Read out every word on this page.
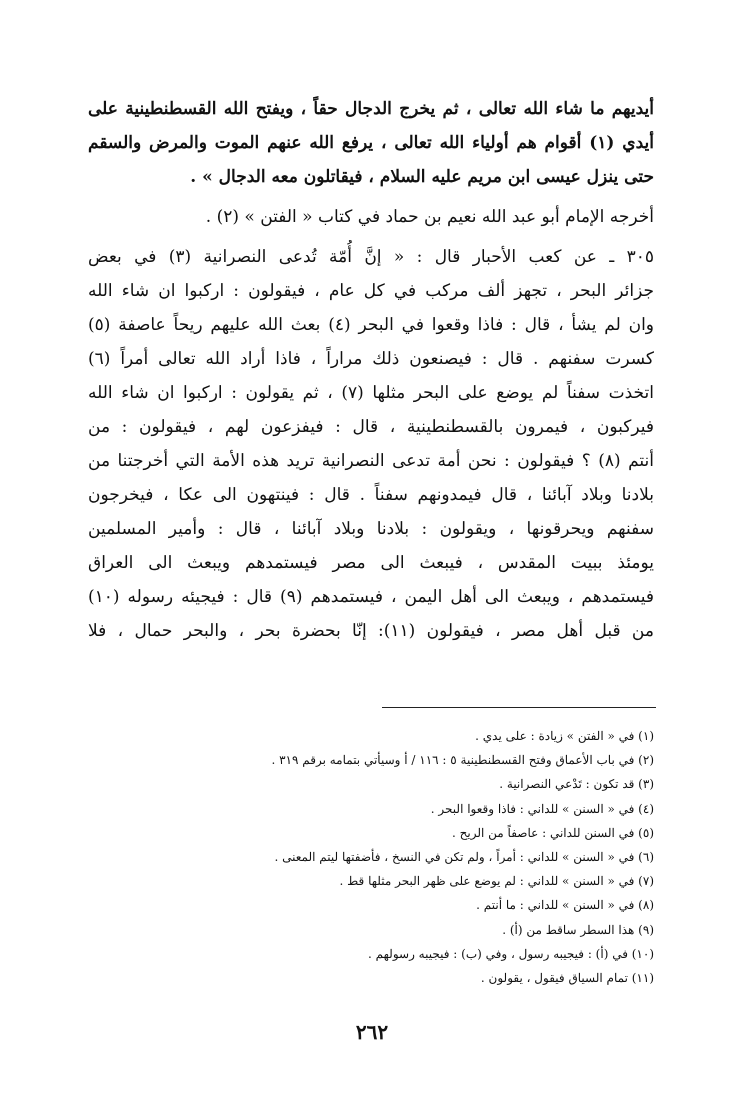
أيديهم ما شاء الله تعالى ، ثم يخرج الدجال حقاً ، ويفتح الله القسطنطينية على
أيدي (١) أقوام هم أولياء الله تعالى ، يرفع الله عنهم الموت والمرض والسقم
حتى ينزل عيسى ابن مريم عليه السلام ، فيقاتلون معه الدجال » .
أخرجه الإمام أبو عبد الله نعيم بن حماد في كتاب « الفتن » (٢) .
٣٠٥ ـ عن كعب الأحبار قال : « إنَّ أُمّة تُدعى النصرانية (٣) في بعض
جزائر البحر ، تجهز ألف مركب في كل عام ، فيقولون : اركبوا ان شاء الله
وان لم يشأ ، قال : فاذا وقعوا في البحر (٤) بعث الله عليهم ريحاً عاصفة (٥)
كسرت سفنهم . قال : فيصنعون ذلك مراراً ، فاذا أراد الله تعالى أمراً (٦)
اتخذت سفناً لم يوضع على البحر مثلها (٧) ، ثم يقولون : اركبوا ان شاء الله
فيركبون ، فيمرون بالقسطنطينية ، قال : فيفزعون لهم ، فيقولون : من
أنتم (٨) ؟ فيقولون : نحن أمة تدعى النصرانية تريد هذه الأمة التي أخرجتنا من
بلادنا وبلاد آبائنا ، قال فيمدونهم سفناً . قال : فينتهون الى عكا ، فيخرجون
سفنهم ويحرقونها ، ويقولون : بلادنا وبلاد آبائنا ، قال : وأمير المسلمين
يومئذ ببيت المقدس ، فيبعث الى مصر فيستمدهم ويبعث الى العراق
فيستمدهم ، ويبعث الى أهل اليمن ، فيستمدهم (٩) قال : فيجيئه رسوله (١٠)
من قبل أهل مصر ، فيقولون (١١): إنّا بحضرة بحر ، والبحر حمال ، فلا
(١) في « الفتن » زيادة : على يدي .
(٢) في باب الأعماق وفتح القسطنطينية ٥ : ١١٦ / أ وسيأتي بتمامه برقم ٣١٩ .
(٣) قد تكون : تَدْعي النصرانية .
(٤) في « السنن » للداني : فاذا وقعوا البحر .
(٥) في السنن للداني : عاصفاً من الريح .
(٦) في « السنن » للداني : أمراً ، ولم تكن في النسخ ، فأضفتها ليتم المعنى .
(٧) في « السنن » للداني : لم يوضع على ظهر البحر مثلها قط .
(٨) في « السنن » للداني : ما أنتم .
(٩) هذا السطر ساقط من (أ) .
(١٠) في (أ) : فيجيبه رسول ، وفي (ب) : فيجيبه رسولهم .
(١١) تمام السياق فيقول ، يقولون .
٢٦٢
